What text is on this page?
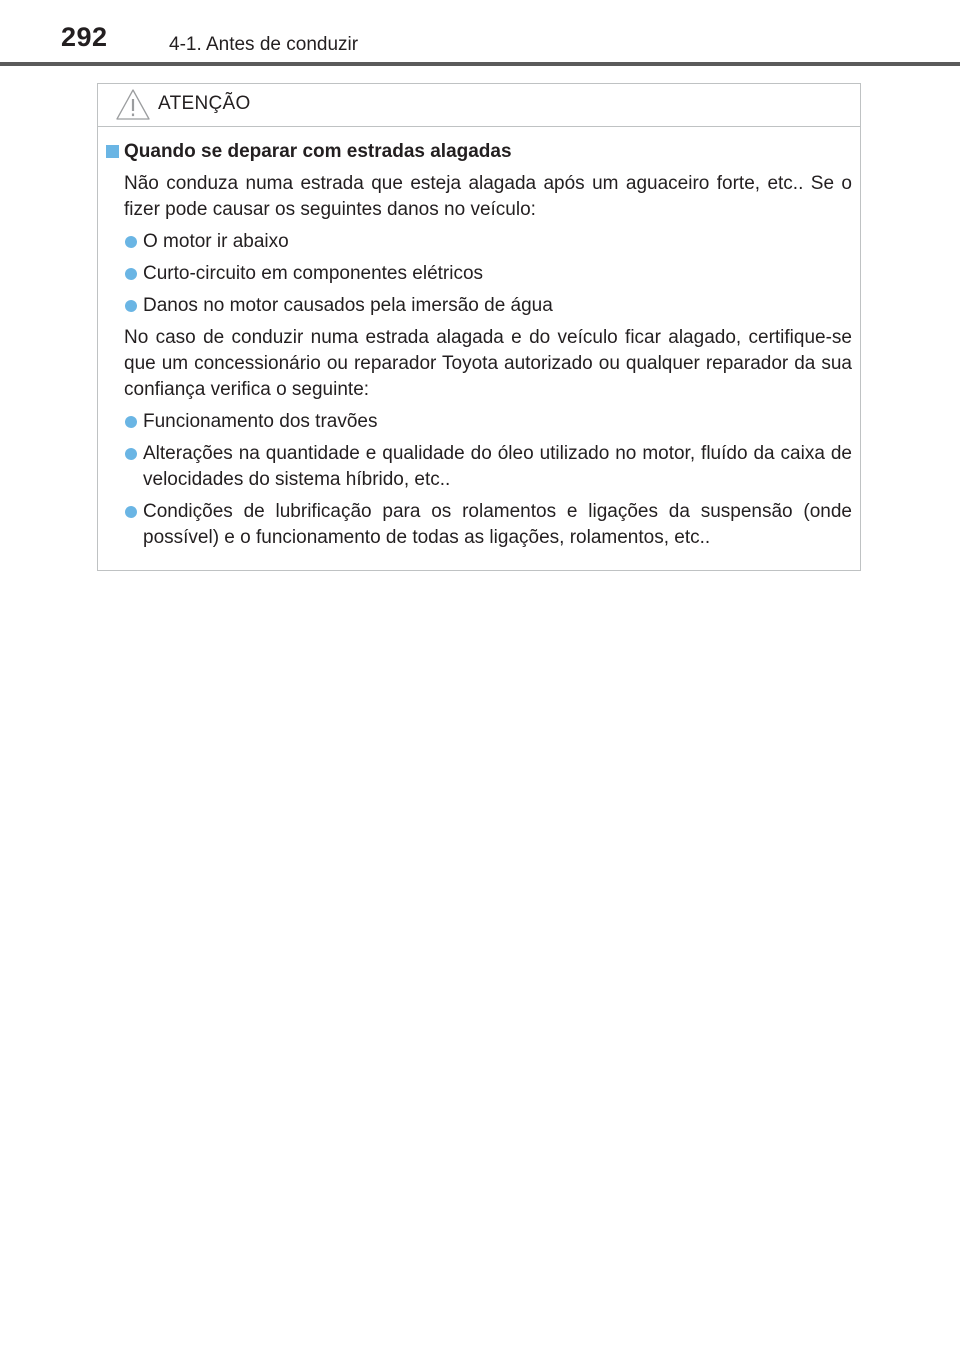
292	4-1. Antes de conduzir
ATENÇÃO
Quando se deparar com estradas alagadas
Não conduza numa estrada que esteja alagada após um aguaceiro forte, etc.. Se o fizer pode causar os seguintes danos no veículo:
O motor ir abaixo
Curto-circuito em componentes elétricos
Danos no motor causados pela imersão de água
No caso de conduzir numa estrada alagada e do veículo ficar alagado, certifique-se que um concessionário ou reparador Toyota autorizado ou qualquer reparador da sua confiança verifica o seguinte:
Funcionamento dos travões
Alterações na quantidade e qualidade do óleo utilizado no motor, fluído da caixa de velocidades do sistema híbrido, etc..
Condições de lubrificação para os rolamentos e ligações da suspensão (onde possível) e o funcionamento de todas as ligações, rolamentos, etc..
